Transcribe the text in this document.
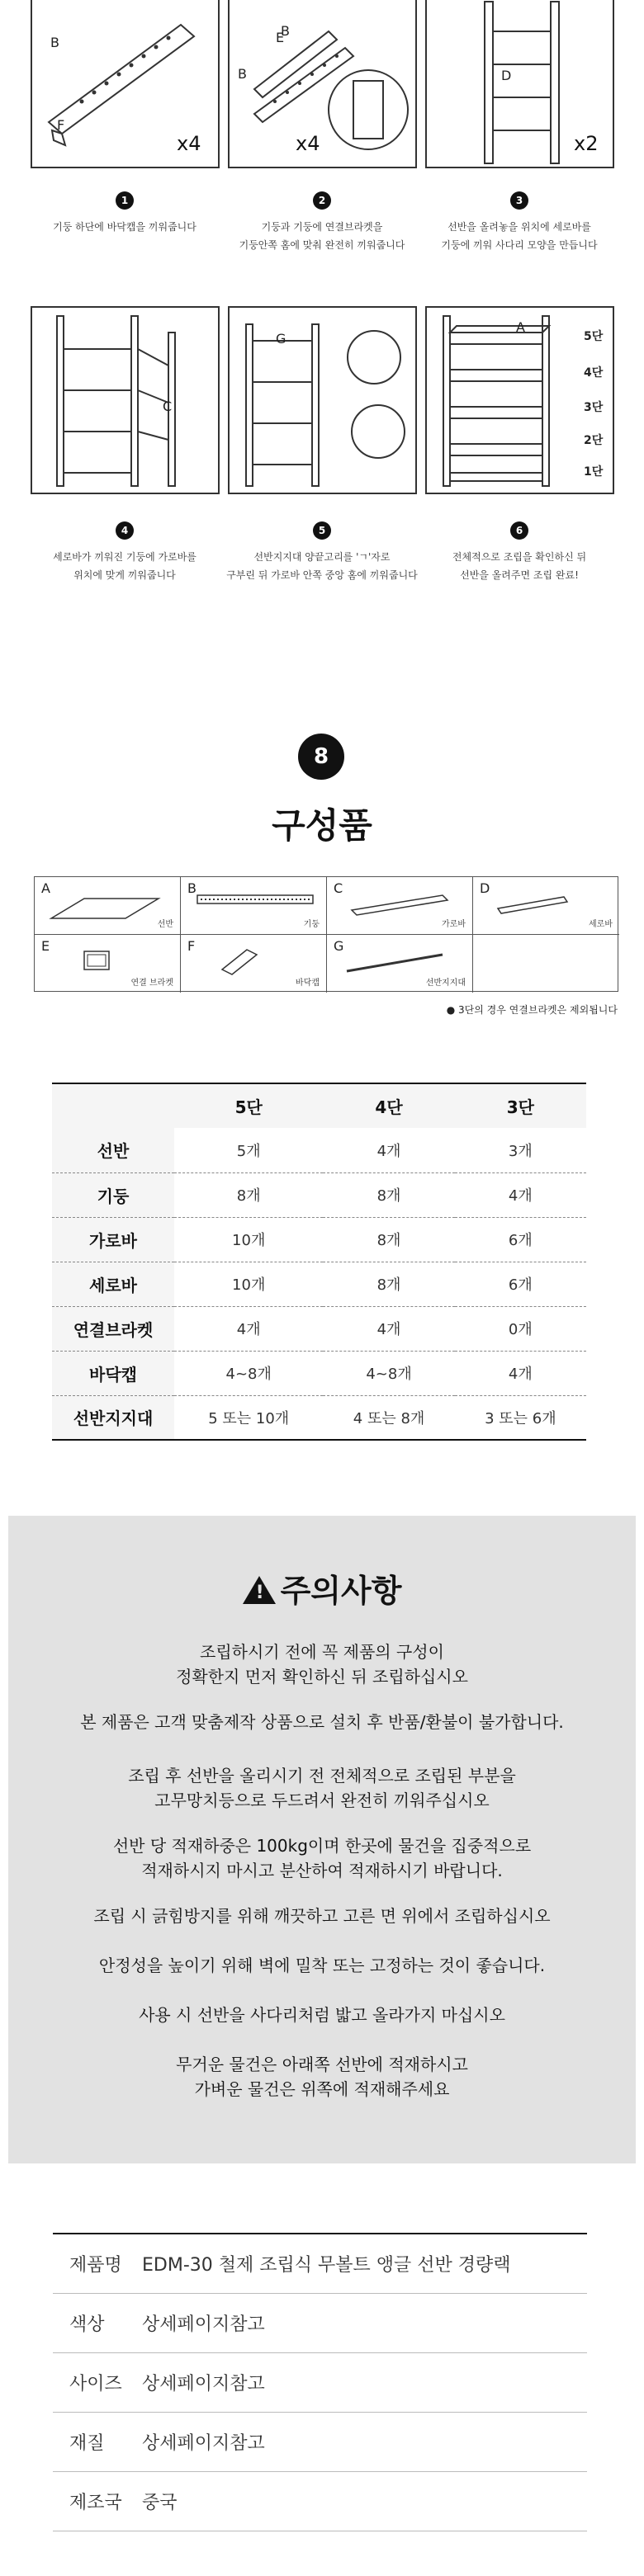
B
F
x4
B
E
B
x4
D
x2
1
기둥 하단에 바닥캡을 끼워줍니다
2
기둥과 기둥에 연결브라켓을
기둥안쪽 홈에 맞춰 완전히 끼워줍니다
3
선반을 올려놓을 위치에 세로바를
기둥에 끼워 사다리 모양을 만듭니다
C
G
A
5단
4단
3단
2단
1단
4
세로바가 끼워진 기둥에 가로바를
위치에 맞게 끼워줍니다
5
선반지지대 양끝고리를 'ㄱ'자로
구부린 뒤 가로바 안쪽 중앙 홈에 끼워줍니다
6
전체적으로 조립을 확인하신 뒤
선반을 올려주면 조립 완료!
8
구성품
A
선반
B
기둥
C
가로바
D
세로바
E
연결 브라켓
F
바닥캡
G
선반지지대
● 3단의 경우 연결브라켓은 제외됩니다
	5단	4단	3단
선반	5개	4개	3개
기둥	8개	8개	4개
가로바	10개	8개	6개
세로바	10개	8개	6개
연결브라켓	4개	4개	0개
바닥캡	4~8개	4~8개	4개
선반지지대	5 또는 10개	4 또는 8개	3 또는 6개
! 주의사항
조립하시기 전에 꼭 제품의 구성이
정확한지 먼저 확인하신 뒤 조립하십시오
본 제품은 고객 맞춤제작 상품으로 설치 후 반품/환불이 불가합니다.
조립 후 선반을 올리시기 전 전체적으로 조립된 부분을
고무망치등으로 두드려서 완전히 끼워주십시오
선반 당 적재하중은 100kg이며 한곳에 물건을 집중적으로
적재하시지 마시고 분산하여 적재하시기 바랍니다.
조립 시 긁힘방지를 위해 깨끗하고 고른 면 위에서 조립하십시오
안정성을 높이기 위해 벽에 밀착 또는 고정하는 것이 좋습니다.
사용 시 선반을 사다리처럼 밟고 올라가지 마십시오
무거운 물건은 아래쪽 선반에 적재하시고
가벼운 물건은 위쪽에 적재해주세요
제품명	EDM-30 철제 조립식 무볼트 앵글 선반 경량랙
색상	상세페이지참고
사이즈	상세페이지참고
재질	상세페이지참고
제조국	중국
